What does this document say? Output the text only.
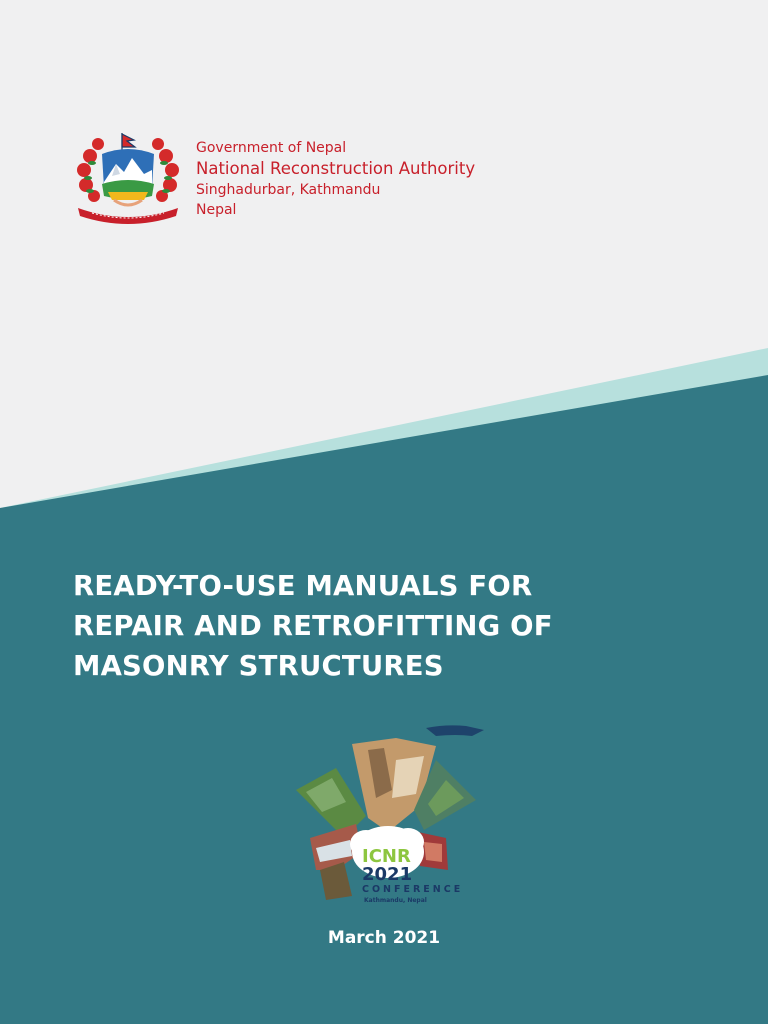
Government of Nepal
National Reconstruction Authority
Singhadurbar, Kathmandu
Nepal
READY-TO-USE MANUALS FOR
REPAIR AND RETROFITTING OF
MASONRY STRUCTURES
ICNR
2021
CONFERENCE
Kathmandu, Nepal
March 2021
